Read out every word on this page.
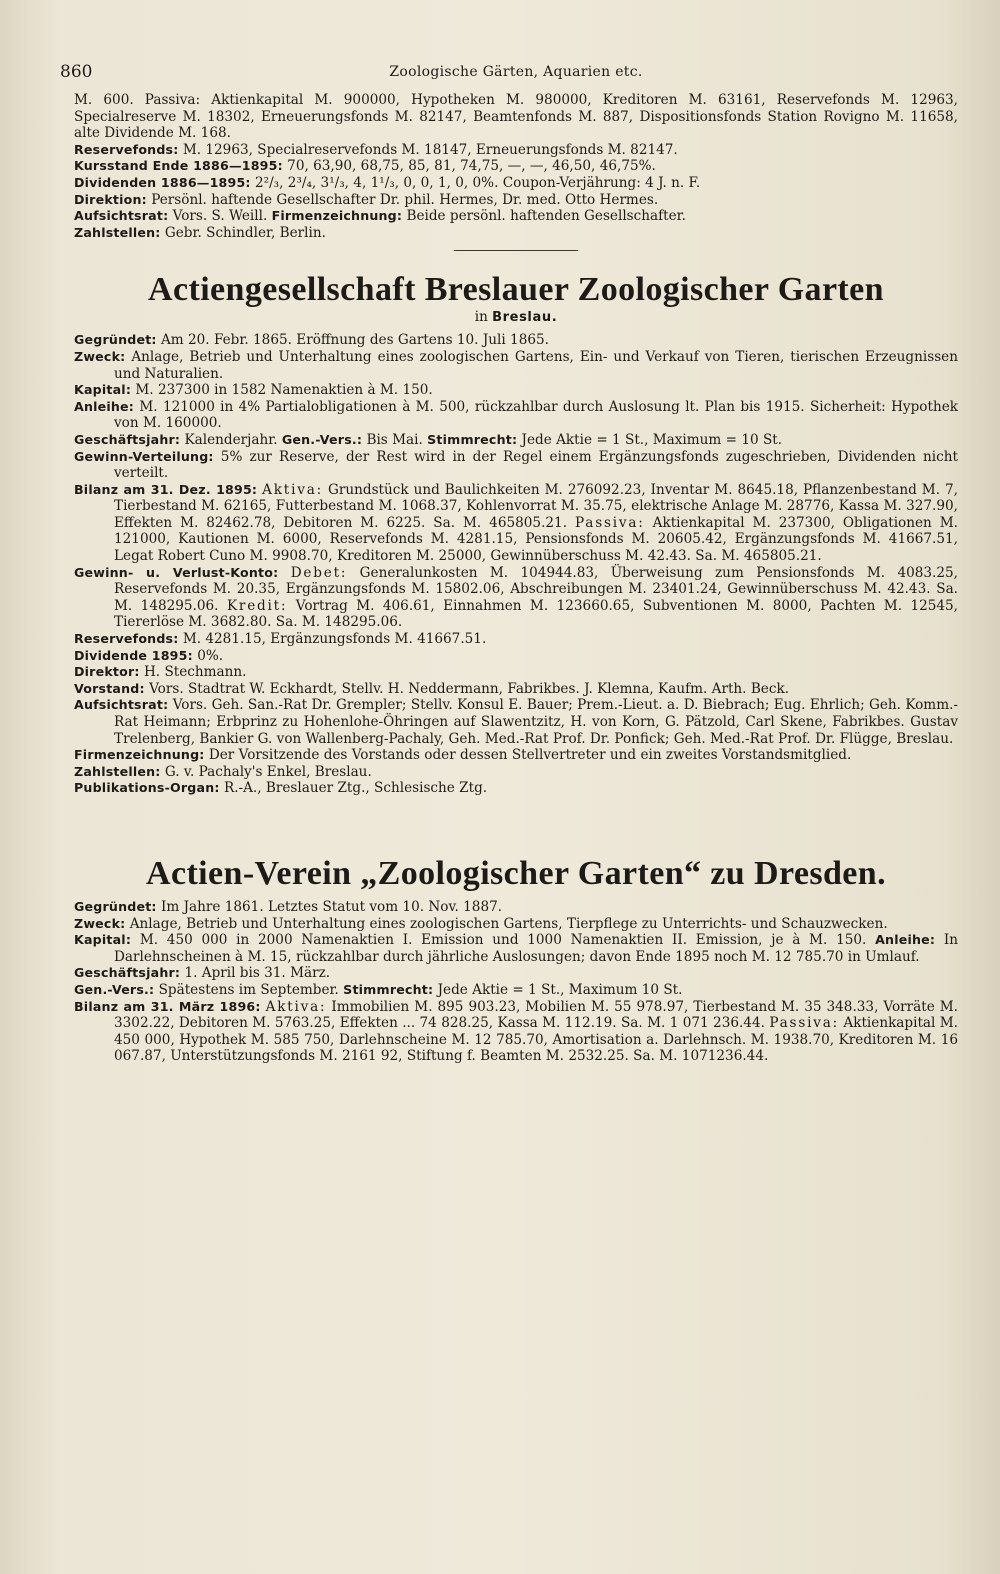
860	Zoologische Gärten, Aquarien etc.

M. 600. Passiva: Aktienkapital M. 900000, Hypotheken M. 980000, Kreditoren M. 63161, Reservefonds M. 12963, Specialreserve M. 18302, Erneuerungsfonds M. 82147, Beamtenfonds M. 887, Dispositionsfonds Station Rovigno M. 11658, alte Dividende M. 168.

Reservefonds: M. 12963, Specialreservefonds M. 18147, Erneuerungsfonds M. 82147.

Kursstand Ende 1886—1895: 70, 63,90, 68,75, 85, 81, 74,75, —, —, 46,50, 46,75%.

Dividenden 1886—1895: 2²/₃, 2³/₄, 3¹/₃, 4, 1¹/₃, 0, 0, 1, 0, 0%. Coupon-Verjährung: 4 J. n. F.

Direktion: Persönl. haftende Gesellschafter Dr. phil. Hermes, Dr. med. Otto Hermes.

Aufsichtsrat: Vors. S. Weill. Firmenzeichnung: Beide persönl. haftenden Gesellschafter.

Zahlstellen: Gebr. Schindler, Berlin.

Actiengesellschaft Breslauer Zoologischer Garten

in Breslau.

Gegründet: Am 20. Febr. 1865. Eröffnung des Gartens 10. Juli 1865.

Zweck: Anlage, Betrieb und Unterhaltung eines zoologischen Gartens, Ein- und Verkauf von Tieren, tierischen Erzeugnissen und Naturalien.

Kapital: M. 237300 in 1582 Namenaktien à M. 150.

Anleihe: M. 121000 in 4% Partialobligationen à M. 500, rückzahlbar durch Auslosung lt. Plan bis 1915. Sicherheit: Hypothek von M. 160000.

Geschäftsjahr: Kalenderjahr. Gen.-Vers.: Bis Mai. Stimmrecht: Jede Aktie = 1 St., Maximum = 10 St.

Gewinn-Verteilung: 5% zur Reserve, der Rest wird in der Regel einem Ergänzungsfonds zugeschrieben, Dividenden nicht verteilt.

Bilanz am 31. Dez. 1895: Aktiva: Grundstück und Baulichkeiten M. 276092.23, Inventar M. 8645.18, Pflanzenbestand M. 7, Tierbestand M. 62165, Futterbestand M. 1068.37, Kohlenvorrat M. 35.75, elektrische Anlage M. 28776, Kassa M. 327.90, Effekten M. 82462.78, Debitoren M. 6225. Sa. M. 465805.21. Passiva: Aktienkapital M. 237300, Obligationen M. 121000, Kautionen M. 6000, Reservefonds M. 4281.15, Pensionsfonds M. 20605.42, Ergänzungsfonds M. 41667.51, Legat Robert Cuno M. 9908.70, Kreditoren M. 25000, Gewinnüberschuss M. 42.43. Sa. M. 465805.21.

Gewinn- u. Verlust-Konto: Debet: Generalunkosten M. 104944.83, Überweisung zum Pensionsfonds M. 4083.25, Reservefonds M. 20.35, Ergänzungsfonds M. 15802.06, Abschreibungen M. 23401.24, Gewinnüberschuss M. 42.43. Sa. M. 148295.06. Kredit: Vortrag M. 406.61, Einnahmen M. 123660.65, Subventionen M. 8000, Pachten M. 12545, Tiererlöse M. 3682.80. Sa. M. 148295.06.

Reservefonds: M. 4281.15, Ergänzungsfonds M. 41667.51.

Dividende 1895: 0%.

Direktor: H. Stechmann.

Vorstand: Vors. Stadtrat W. Eckhardt, Stellv. H. Neddermann, Fabrikbes. J. Klemna, Kaufm. Arth. Beck.

Aufsichtsrat: Vors. Geh. San.-Rat Dr. Grempler; Stellv. Konsul E. Bauer; Prem.-Lieut. a. D. Biebrach; Eug. Ehrlich; Geh. Komm.-Rat Heimann; Erbprinz zu Hohenlohe-Öhringen auf Slawentzitz, H. von Korn, G. Pätzold, Carl Skene, Fabrikbes. Gustav Trelenberg, Bankier G. von Wallenberg-Pachaly, Geh. Med.-Rat Prof. Dr. Ponfick; Geh. Med.-Rat Prof. Dr. Flügge, Breslau.

Firmenzeichnung: Der Vorsitzende des Vorstands oder dessen Stellvertreter und ein zweites Vorstandsmitglied.

Zahlstellen: G. v. Pachaly's Enkel, Breslau.

Publikations-Organ: R.-A., Breslauer Ztg., Schlesische Ztg.

Actien-Verein „Zoologischer Garten“ zu Dresden.

Gegründet: Im Jahre 1861. Letztes Statut vom 10. Nov. 1887.

Zweck: Anlage, Betrieb und Unterhaltung eines zoologischen Gartens, Tierpflege zu Unterrichts- und Schauzwecken.

Kapital: M. 450 000 in 2000 Namenaktien I. Emission und 1000 Namenaktien II. Emission, je à M. 150. Anleihe: In Darlehnscheinen à M. 15, rückzahlbar durch jährliche Auslosungen; davon Ende 1895 noch M. 12 785.70 in Umlauf.

Geschäftsjahr: 1. April bis 31. März.

Gen.-Vers.: Spätestens im September. Stimmrecht: Jede Aktie = 1 St., Maximum 10 St.

Bilanz am 31. März 1896: Aktiva: Immobilien M. 895 903.23, Mobilien M. 55 978.97, Tierbestand M. 35 348.33, Vorräte M. 3302.22, Debitoren M. 5763.25, Effekten ... 74 828.25, Kassa M. 112.19. Sa. M. 1 071 236.44. Passiva: Aktienkapital M. 450 000, Hypothek M. 585 750, Darlehnscheine M. 12 785.70, Amortisation a. Darlehnsch. M. 1938.70, Kreditoren M. 16 067.87, Unterstützungsfonds M. 2161 92, Stiftung f. Beamten M. 2532.25. Sa. M. 1071236.44.
